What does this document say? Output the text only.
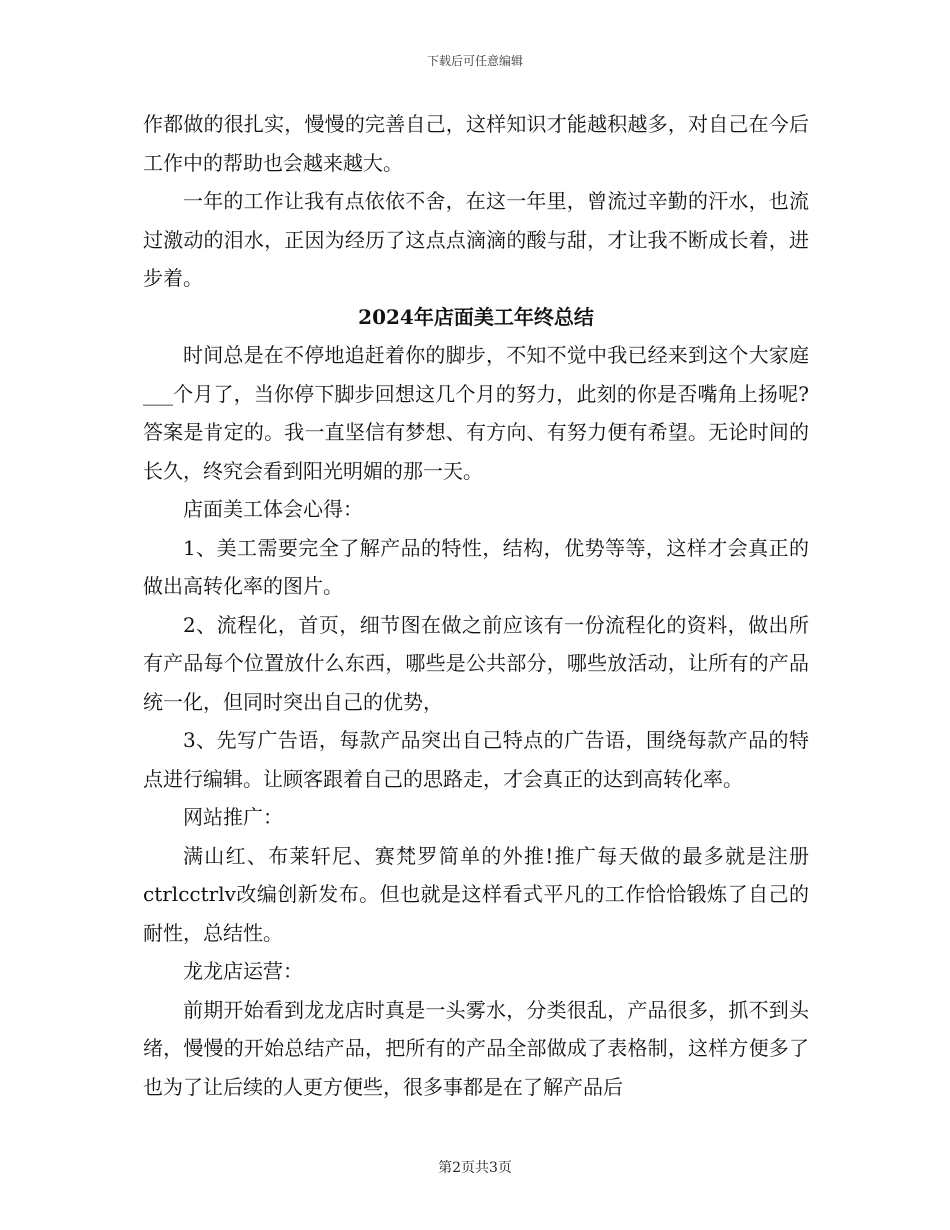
下载后可任意编辑

作都做的很扎实，慢慢的完善自己，这样知识才能越积越多，对自己在今后工作中的帮助也会越来越大。

一年的工作让我有点依依不舍，在这一年里，曾流过辛勤的汗水，也流过激动的泪水，正因为经历了这点点滴滴的酸与甜，才让我不断成长着，进步着。

2024年店面美工年终总结

时间总是在不停地追赶着你的脚步，不知不觉中我已经来到这个大家庭___个月了，当你停下脚步回想这几个月的努力，此刻的你是否嘴角上扬呢?答案是肯定的。我一直坚信有梦想、有方向、有努力便有希望。无论时间的长久，终究会看到阳光明媚的那一天。

店面美工体会心得：

1、美工需要完全了解产品的特性，结构，优势等等，这样才会真正的做出高转化率的图片。

2、流程化，首页，细节图在做之前应该有一份流程化的资料，做出所有产品每个位置放什么东西，哪些是公共部分，哪些放活动，让所有的产品统一化，但同时突出自己的优势，

3、先写广告语，每款产品突出自己特点的广告语，围绕每款产品的特点进行编辑。让顾客跟着自己的思路走，才会真正的达到高转化率。

网站推广：

满山红、布莱轩尼、赛梵罗简单的外推!推广每天做的最多就是注册ctrlcctrlv改编创新发布。但也就是这样看式平凡的工作恰恰锻炼了自己的耐性，总结性。

龙龙店运营：

前期开始看到龙龙店时真是一头雾水，分类很乱，产品很多，抓不到头绪，慢慢的开始总结产品，把所有的产品全部做成了表格制，这样方便多了也为了让后续的人更方便些，很多事都是在了解产品后

第2页共3页
